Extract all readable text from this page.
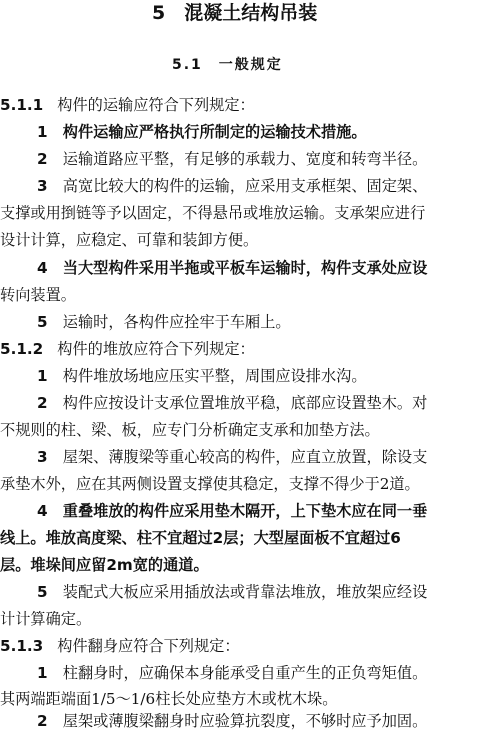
5　混凝土结构吊装
5.1　一般规定
5.1.1 构件的运输应符合下列规定：
1　 构件运输应严格执行所制定的运输技术措施。
2　 运输道路应平整，有足够的承载力、宽度和转弯半径。
3　 高宽比较大的构件的运输，应采用支承框架、固定架、
支撑或用捯链等予以固定，不得悬吊或堆放运输。支承架应进行
设计计算，应稳定、可靠和装卸方便。
4　 当大型构件采用半拖或平板车运输时，构件支承处应设
转向装置。
5　 运输时，各构件应拴牢于车厢上。
5.1.2 构件的堆放应符合下列规定：
1　 构件堆放场地应压实平整，周围应设排水沟。
2　 构件应按设计支承位置堆放平稳，底部应设置垫木。对
不规则的柱、梁、板，应专门分析确定支承和加垫方法。
3　 屋架、薄腹梁等重心较高的构件，应直立放置，除设支
承垫木外，应在其两侧设置支撑使其稳定，支撑不得少于2道。
4　 重叠堆放的构件应采用垫木隔开，上下垫木应在同一垂
线上。堆放高度梁、柱不宜超过2层；大型屋面板不宜超过6
层。堆垛间应留2m宽的通道。
5　 装配式大板应采用插放法或背靠法堆放，堆放架应经设
计计算确定。
5.1.3 构件翻身应符合下列规定：
1　 柱翻身时，应确保本身能承受自重产生的正负弯矩值。
其两端距端面1/5～1/6柱长处应垫方木或枕木垛。
2　 屋架或薄腹梁翻身时应验算抗裂度，不够时应予加固。
